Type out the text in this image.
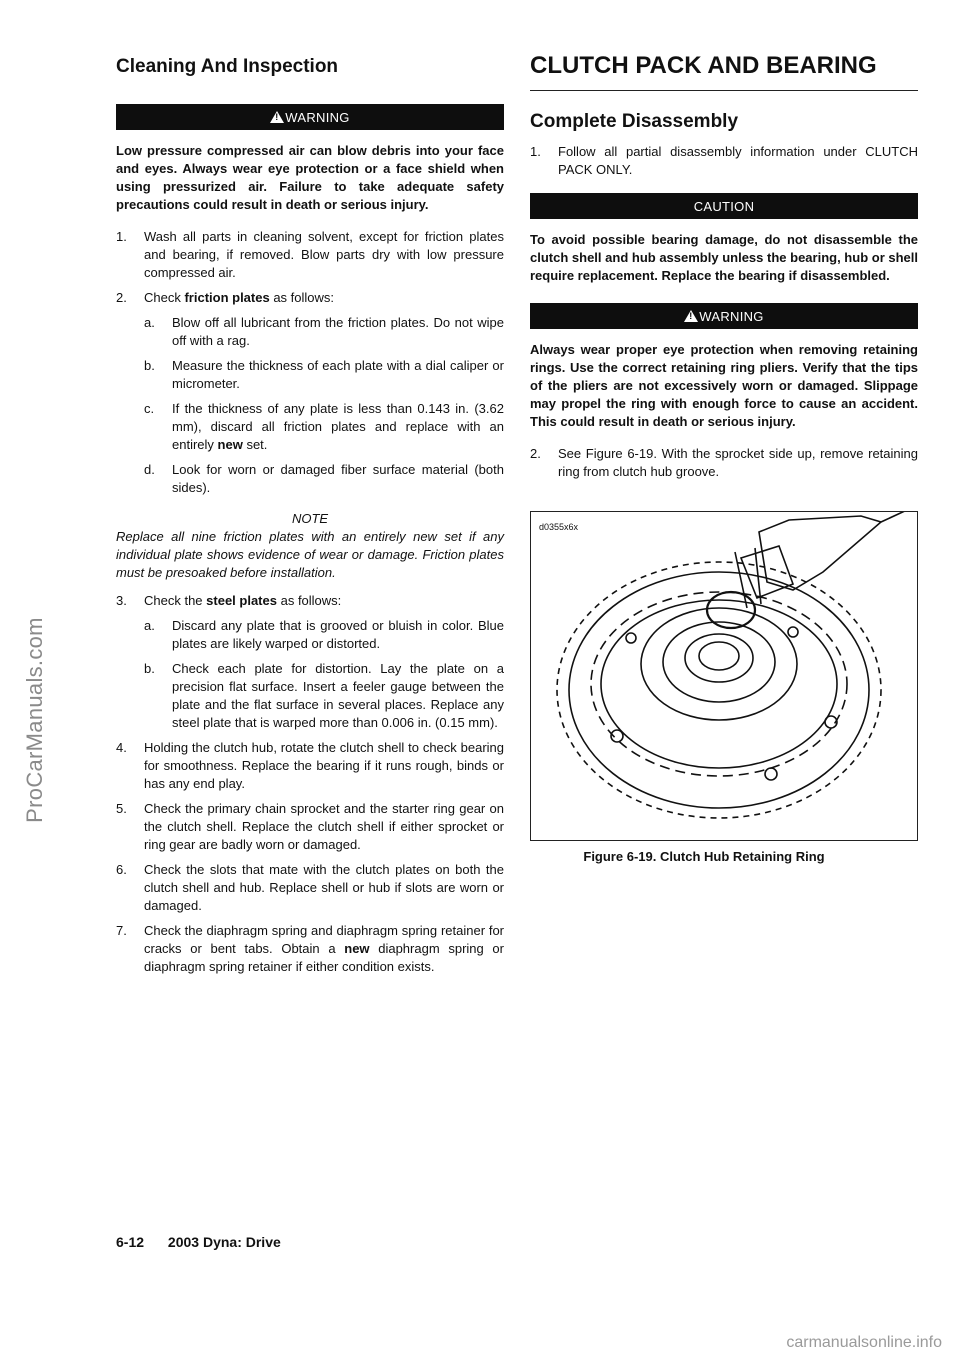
ProCarManuals.com
carmanualsonline.info
Cleaning And Inspection
!
WARNING

Low pressure compressed air can blow debris into your face and eyes. Always wear eye protection or a face shield when using pressurized air. Failure to take adequate safety precautions could result in death or serious injury.

1.	Wash all parts in cleaning solvent, except for friction plates and bearing, if removed. Blow parts dry with low pressure compressed air.
2.	Check friction plates as follows:
a.	Blow off all lubricant from the friction plates. Do not wipe off with a rag.
b.	Measure the thickness of each plate with a dial caliper or micrometer.
c.	If the thickness of any plate is less than 0.143 in. (3.62 mm), discard all friction plates and replace with an entirely new set.
d.	Look for worn or damaged fiber surface material (both sides).
NOTE

Replace all nine friction plates with an entirely new set if any individual plate shows evidence of wear or damage. Friction plates must be presoaked before installation.

3.	Check the steel plates as follows:
a.	Discard any plate that is grooved or bluish in color. Blue plates are likely warped or distorted.
b.	Check each plate for distortion. Lay the plate on a precision flat surface. Insert a feeler gauge between the plate and the flat surface in several places. Replace any steel plate that is warped more than 0.006 in. (0.15 mm).
4.	Holding the clutch hub, rotate the clutch shell to check bearing for smoothness. Replace the bearing if it runs rough, binds or has any end play.
5.	Check the primary chain sprocket and the starter ring gear on the clutch shell. Replace the clutch shell if either sprocket or ring gear are badly worn or damaged.
6.	Check the slots that mate with the clutch plates on both the clutch shell and hub. Replace shell or hub if slots are worn or damaged.
7.	Check the diaphragm spring and diaphragm spring retainer for cracks or bent tabs. Obtain a new diaphragm spring or diaphragm spring retainer if either condition exists.
CLUTCH PACK AND BEARING
Complete Disassembly
1.	Follow all partial disassembly information under CLUTCH PACK ONLY.
CAUTION

To avoid possible bearing damage, do not disassemble the clutch shell and hub assembly unless the bearing, hub or shell require replacement. Replace the bearing if disassembled.

!
WARNING

Always wear proper eye protection when removing retaining rings. Use the correct retaining ring pliers. Verify that the tips of the pliers are not excessively worn or damaged. Slippage may propel the ring with enough force to cause an accident. This could result in death or serious injury.

2.	See Figure 6-19. With the sprocket side up, remove retaining ring from clutch hub groove.
d0355x6x
Figure 6-19. Clutch Hub Retaining Ring
6-12 2003 Dyna: Drive
